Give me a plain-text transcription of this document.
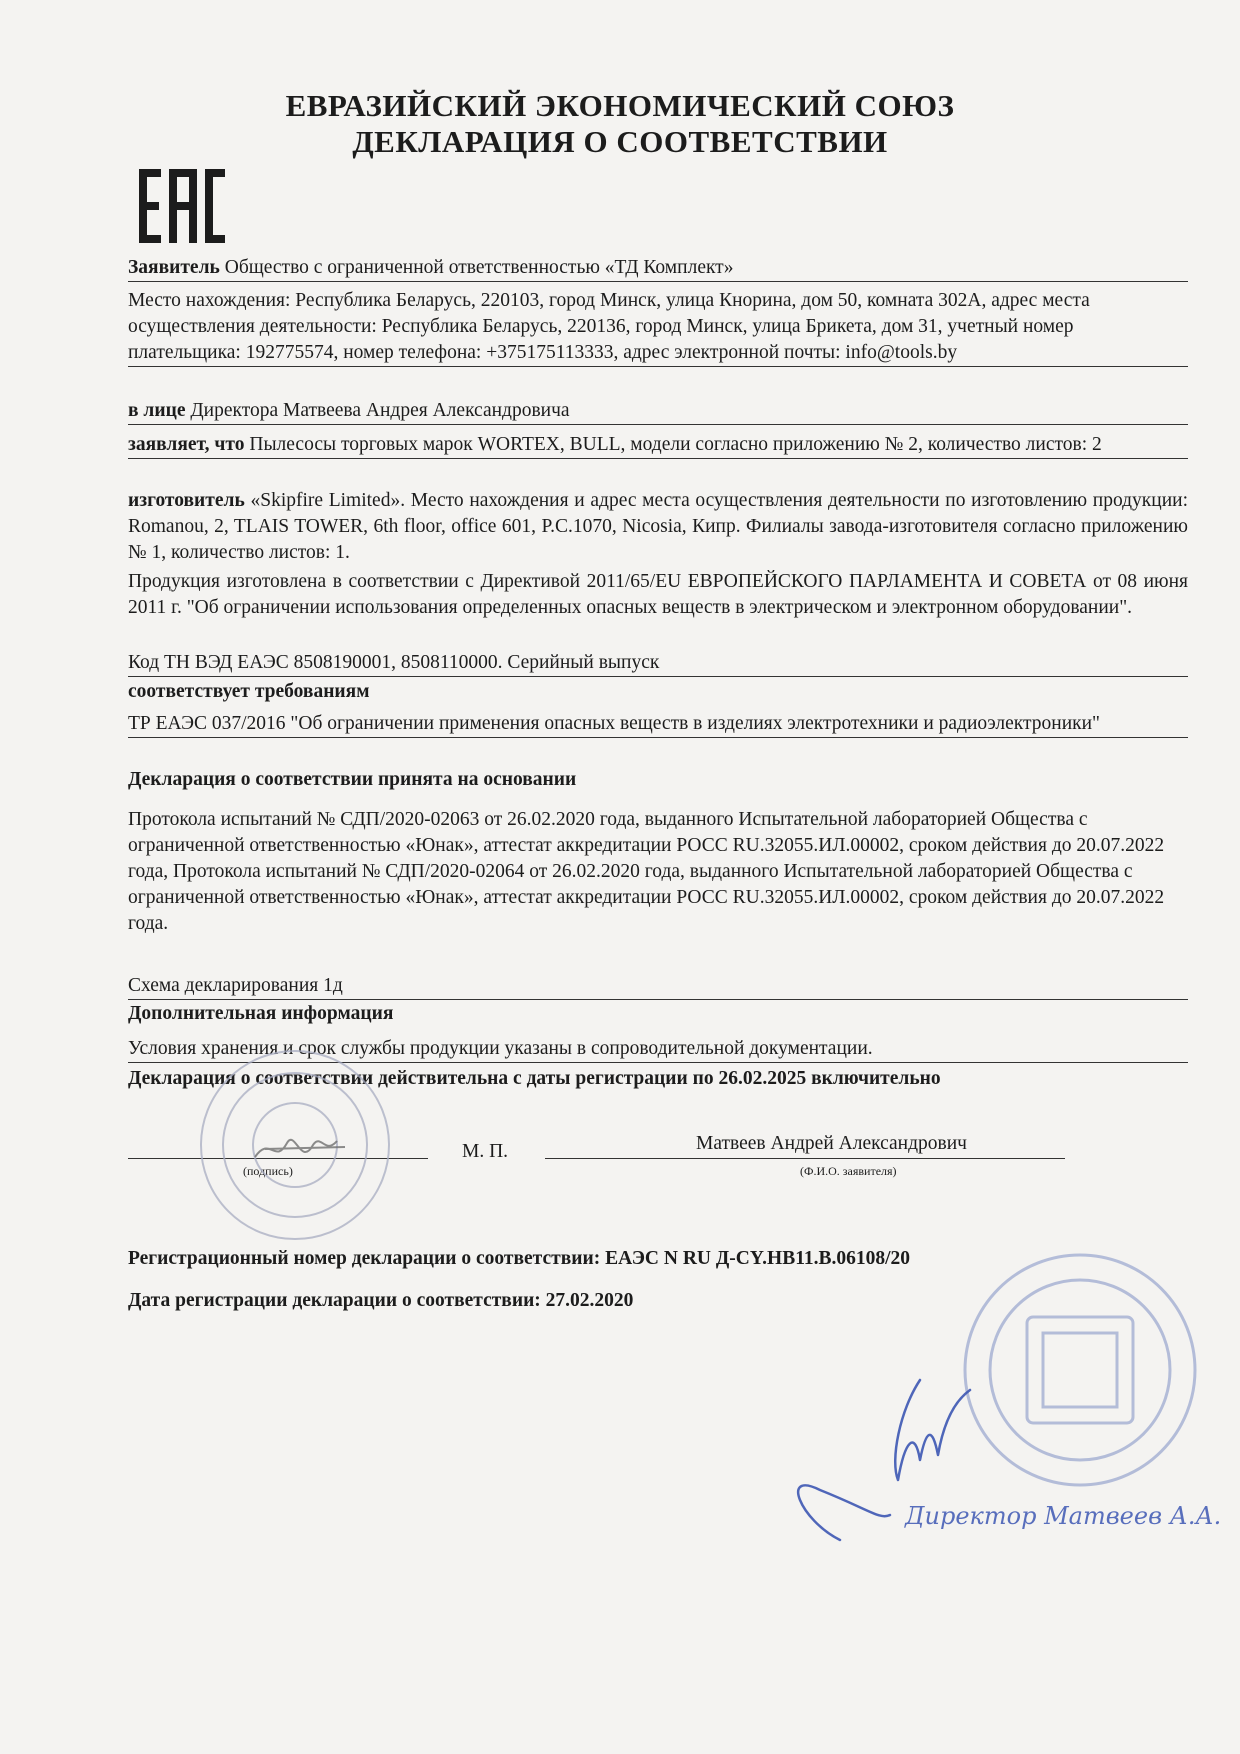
ЕВРАЗИЙСКИЙ ЭКОНОМИЧЕСКИЙ СОЮЗ
ДЕКЛАРАЦИЯ О СООТВЕТСТВИИ
Заявитель Общество с ограниченной ответственностью «ТД Комплект»
Место нахождения: Республика Беларусь, 220103, город Минск, улица Кнорина, дом 50, комната 302А, адрес места осуществления деятельности: Республика Беларусь, 220136, город Минск, улица Брикета, дом 31, учетный номер плательщика: 192775574, номер телефона: +375175113333, адрес электронной почты: info@tools.by
в лице Директора Матвеева Андрея Александровича
заявляет, что Пылесосы торговых марок WORTEX, BULL, модели согласно приложению № 2, количество листов: 2
изготовитель «Skipfire Limited». Место нахождения и адрес места осуществления деятельности по изготовлению продукции: Romanou, 2, TLAIS TOWER, 6th floor, office 601, P.C.1070, Nicosia, Кипр. Филиалы завода-изготовителя согласно приложению № 1, количество листов: 1.
Продукция изготовлена в соответствии с Директивой 2011/65/EU ЕВРОПЕЙСКОГО ПАРЛАМЕНТА И СОВЕТА от 08 июня 2011 г. "Об ограничении использования определенных опасных веществ в электрическом и электронном оборудовании".
Код ТН ВЭД ЕАЭС 8508190001, 8508110000. Серийный выпуск
соответствует требованиям
ТР ЕАЭС 037/2016 "Об ограничении применения опасных веществ в изделиях электротехники и радиоэлектроники"
Декларация о соответствии принята на основании
Протокола испытаний № СДП/2020-02063 от 26.02.2020 года, выданного Испытательной лабораторией Общества с ограниченной ответственностью «Юнак», аттестат аккредитации РОСС RU.32055.ИЛ.00002, сроком действия до 20.07.2022 года, Протокола испытаний № СДП/2020-02064 от 26.02.2020 года, выданного Испытательной лабораторией Общества с ограниченной ответственностью «Юнак», аттестат аккредитации РОСС RU.32055.ИЛ.00002, сроком действия до 20.07.2022 года.
Схема декларирования 1д
Дополнительная информация
Условия хранения и срок службы продукции указаны в сопроводительной документации.
Декларация о соответствии действительна с даты регистрации по 26.02.2025 включительно
(подпись)
М. П.	Матвеев Андрей Александрович
(Ф.И.О. заявителя)
Регистрационный номер декларации о соответствии: ЕАЭС N RU Д-CY.HB11.B.06108/20
Дата регистрации декларации о соответствии: 27.02.2020
Директор Матвеев А.А.
